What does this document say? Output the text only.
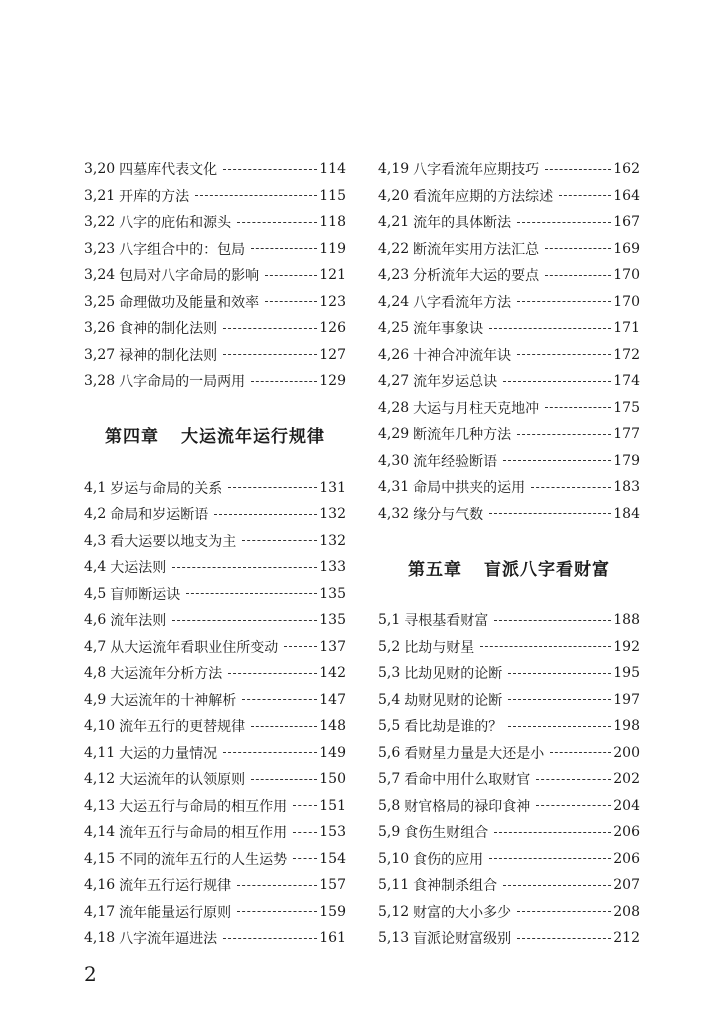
3,20 四墓库代表文化	114
3,21 开库的方法	115
3,22 八字的庇佑和源头	118
3,23 八字组合中的：包局	119
3,24 包局对八字命局的影响	121
3,25 命理做功及能量和效率	123
3,26 食神的制化法则	126
3,27 禄神的制化法则	127
3,28 八字命局的一局两用	129
第四章 大运流年运行规律
4,1 岁运与命局的关系	131
4,2 命局和岁运断语	132
4,3 看大运要以地支为主	132
4,4 大运法则	133
4,5 盲师断运诀	135
4,6 流年法则	135
4,7 从大运流年看职业住所变动	137
4,8 大运流年分析方法	142
4,9 大运流年的十神解析	147
4,10 流年五行的更替规律	148
4,11 大运的力量情况	149
4,12 大运流年的认领原则	150
4,13 大运五行与命局的相互作用 151
4,14 流年五行与命局的相互作用 153
4,15 不同的流年五行的人生运势 154
4,16 流年五行运行规律	157
4,17 流年能量运行原则	159
4,18 八字流年逼进法	161
4,19 八字看流年应期技巧	162
4,20 看流年应期的方法综述	164
4,21 流年的具体断法	167
4,22 断流年实用方法汇总	169
4,23 分析流年大运的要点	170
4,24 八字看流年方法	170
4,25 流年事象诀	171
4,26 十神合冲流年诀	172
4,27 流年岁运总诀	174
4,28 大运与月柱天克地冲	175
4,29 断流年几种方法	177
4,30 流年经验断语	179
4,31 命局中拱夹的运用	183
4,32 缘分与气数	184
第五章 盲派八字看财富
5,1 寻根基看财富	188
5,2 比劫与财星	192
5,3 比劫见财的论断	195
5,4 劫财见财的论断	197
5,5 看比劫是谁的？	198
5,6 看财星力量是大还是小	200
5,7 看命中用什么取财官	202
5,8 财官格局的禄印食神	204
5,9 食伤生财组合	206
5,10 食伤的应用	206
5,11 食神制杀组合	207
5,12 财富的大小多少	208
5,13 盲派论财富级别	212
2
